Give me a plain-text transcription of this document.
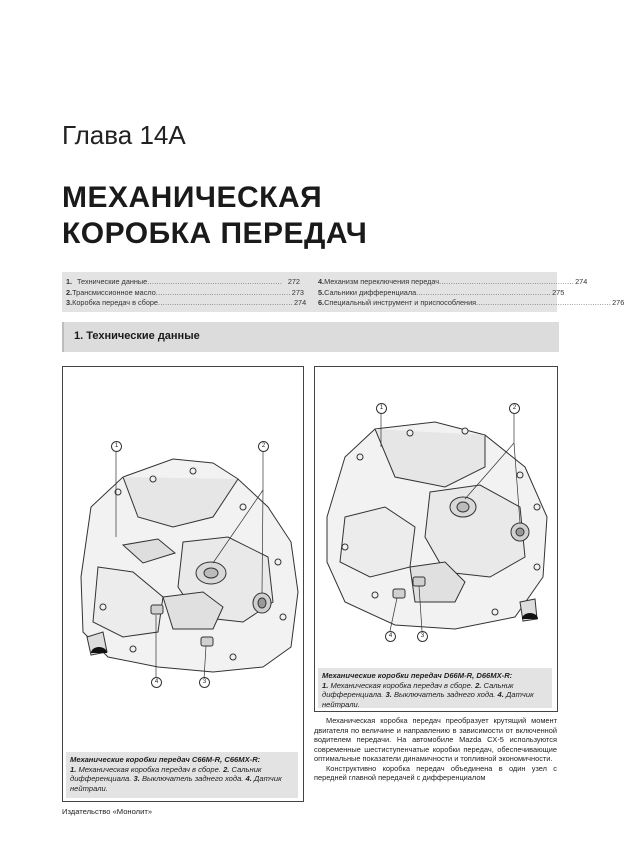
Глава 14А
МЕХАНИЧЕСКАЯ
КОРОБКА ПЕРЕДАЧ
1. Технические данные .......................................................... 272
2. Трансмиссионное масло .......................................................... 273
3. Коробка передач в сборе .......................................................... 274
4. Механизм переключения передач .......................................................... 274
5. Сальники дифференциала .......................................................... 275
6. Специальный инструмент и приспособления .......................................................... 276
1. Технические данные
1	2
3
4
Механические коробки передач C66M-R, C66MX-R:
1. Механическая коробка передач в сборе. 2. Сальник дифференциала. 3. Выключатель заднего хода. 4. Датчик нейтрали.
1	2
3
4
Механические коробки передач D66M-R, D66MX-R:
1. Механическая коробка передач в сборе. 2. Сальник дифференциала. 3. Выключатель заднего хода. 4. Датчик нейтрали.

Механическая коробка передач преобразует крутящий момент двигателя по величине и направлению в зависимости от включенной водителем передачи. На автомобиле Mazda CX-5 используются современные шестиступенчатые коробки передач, обеспечивающие оптимальные показатели динамичности и топливной экономичности.

Конструктивно коробка передач объединена в один узел с передней главной передачей с дифференциалом

Издательство «Монолит»
